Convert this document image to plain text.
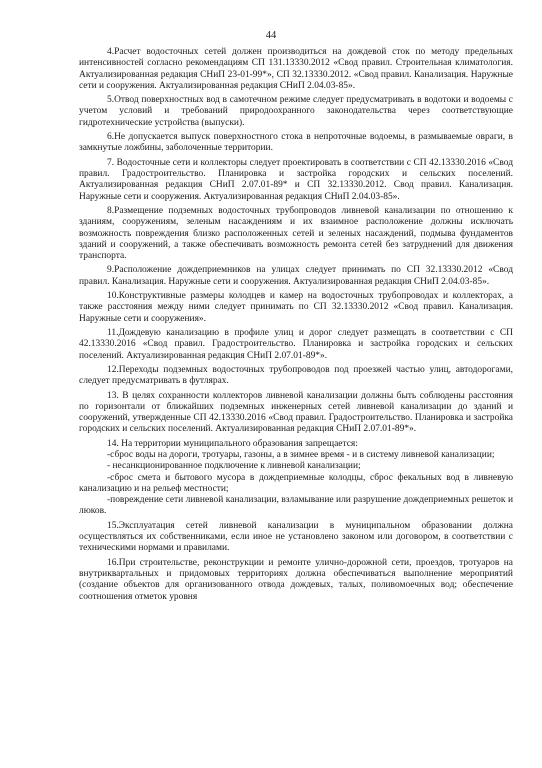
44

4.Расчет водосточных сетей должен производиться на дождевой сток по методу предельных интенсивностей согласно рекомендациям СП 131.13330.2012 «Свод правил. Строительная климатология. Актуализированная редакция СНиП 23-01-99*», СП 32.13330.2012. «Свод правил. Канализация. Наружные сети и сооружения. Актуализированная редакция СНиП 2.04.03-85».

5.Отвод поверхностных вод в самотечном режиме следует предусматривать в водотоки и водоемы с учетом условий и требований природоохранного законодательства через соответствующие гидротехнические устройства (выпуски).

6.Не допускается выпуск поверхностного стока в непроточные водоемы, в размываемые овраги, в замкнутые ложбины, заболоченные территории.

7. Водосточные сети и коллекторы следует проектировать в соответствии с СП 42.13330.2016 «Свод правил. Градостроительство. Планировка и застройка городских и сельских поселений. Актуализированная редакция СНиП 2.07.01-89* и СП 32.13330.2012. Свод правил. Канализация. Наружные сети и сооружения. Актуализированная редакция СНиП 2.04.03-85».

8.Размещение подземных водосточных трубопроводов ливневой канализации по отношению к зданиям, сооружениям, зеленым насаждениям и их взаимное расположение должны исключать возможность повреждения близко расположенных сетей и зеленых насаждений, подмыва фундаментов зданий и сооружений, а также обеспечивать возможность ремонта сетей без затруднений для движения транспорта.

9.Расположение дождеприемников на улицах следует принимать по СП 32.13330.2012 «Свод правил. Канализация. Наружные сети и сооружения. Актуализированная редакция СНиП 2.04.03-85».

10.Конструктивные размеры колодцев и камер на водосточных трубопроводах и коллекторах, а также расстояния между ними следует принимать по СП 32.13330.2012 «Свод правил. Канализация. Наружные сети и сооружения».

11.Дождевую канализацию в профиле улиц и дорог следует размещать в соответствии с СП 42.13330.2016 «Свод правил. Градостроительство. Планировка и застройка городских и сельских поселений. Актуализированная редакция СНиП 2.07.01-89*».

12.Переходы подземных водосточных трубопроводов под проезжей частью улиц, автодорогами, следует предусматривать в футлярах.

13. В целях сохранности коллекторов ливневой канализации должны быть соблюдены расстояния по горизонтали от ближайших подземных инженерных сетей ливневой канализации до зданий и сооружений, утвержденные СП 42.13330.2016 «Свод правил. Градостроительство. Планировка и застройка городских и сельских поселений. Актуализированная редакция СНиП 2.07.01-89*».

14. На территории муниципального образования запрещается:

-сброс воды на дороги, тротуары, газоны, а в зимнее время - и в систему ливневой канализации;

- несанкционированное подключение к ливневой канализации;

-сброс смета и бытового мусора в дождеприемные колодцы, сброс фекальных вод в ливневую канализацию и на рельеф местности;

-повреждение сети ливневой канализации, взламывание или разрушение дождеприемных решеток и люков.

15.Эксплуатация сетей ливневой канализации в муниципальном образовании должна осуществляться их собственниками, если иное не установлено законом или договором, в соответствии с техническими нормами и правилами.

16.При строительстве, реконструкции и ремонте улично-дорожной сети, проездов, тротуаров на внутриквартальных и придомовых территориях должна обеспечиваться выполнение мероприятий (создание объектов для организованного отвода дождевых, талых, поливомоечных вод; обеспечение соотношения отметок уровня
